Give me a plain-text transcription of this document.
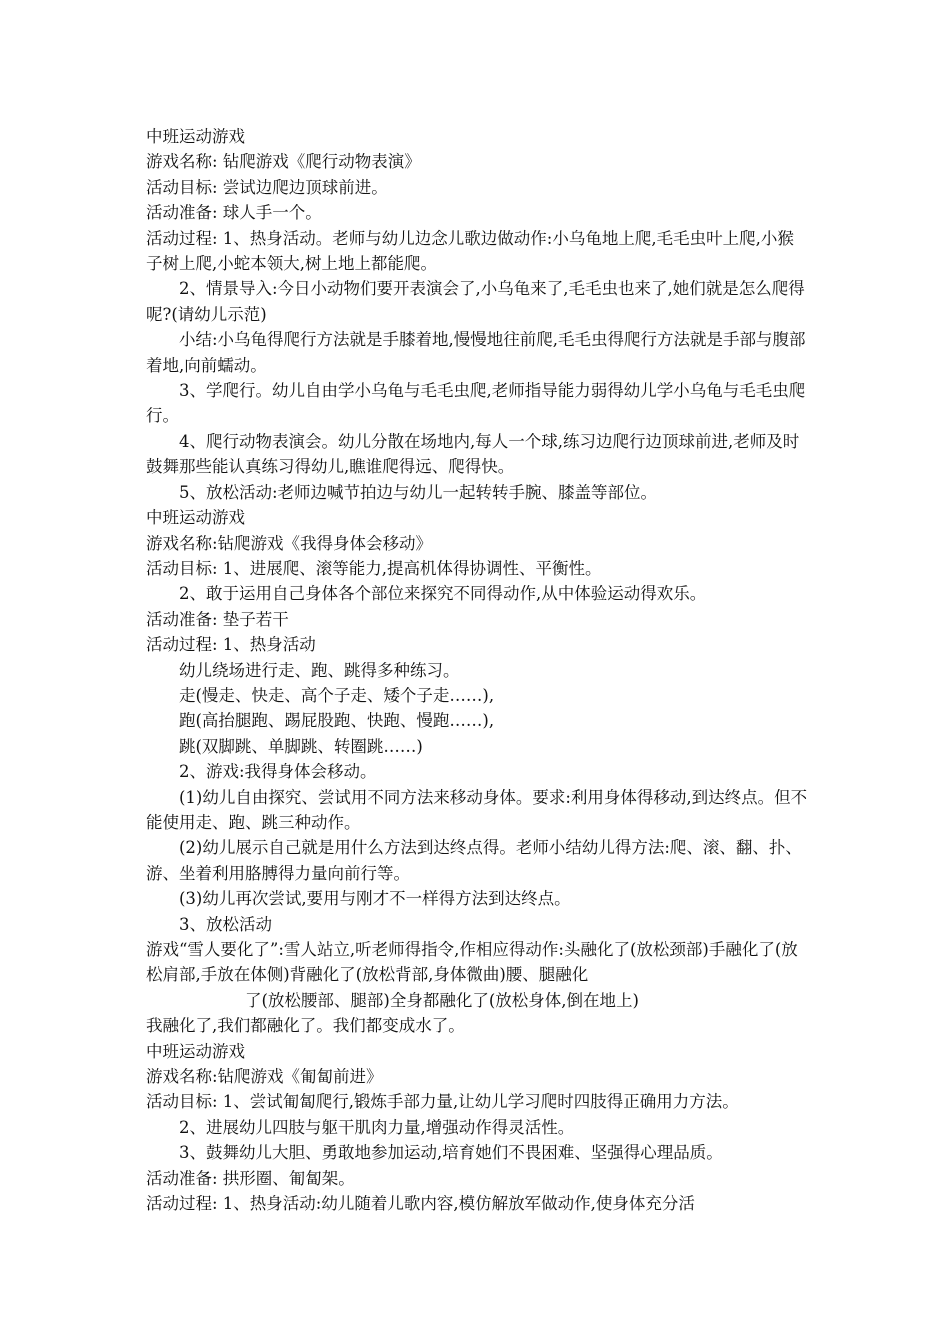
中班运动游戏

游戏名称: 钻爬游戏《爬行动物表演》

活动目标: 尝试边爬边顶球前进。

活动准备: 球人手一个。

活动过程: 1、热身活动。老师与幼儿边念儿歌边做动作:小乌龟地上爬,毛毛虫叶上爬,小猴子树上爬,小蛇本领大,树上地上都能爬。

2、情景导入:今日小动物们要开表演会了,小乌龟来了,毛毛虫也来了,她们就是怎么爬得呢?(请幼儿示范)

小结:小乌龟得爬行方法就是手膝着地,慢慢地往前爬,毛毛虫得爬行方法就是手部与腹部着地,向前蠕动。

3、学爬行。幼儿自由学小乌龟与毛毛虫爬,老师指导能力弱得幼儿学小乌龟与毛毛虫爬行。

4、爬行动物表演会。幼儿分散在场地内,每人一个球,练习边爬行边顶球前进,老师及时鼓舞那些能认真练习得幼儿,瞧谁爬得远、爬得快。

5、放松活动:老师边喊节拍边与幼儿一起转转手腕、膝盖等部位。

中班运动游戏

游戏名称:钻爬游戏《我得身体会移动》

活动目标: 1、进展爬、滚等能力,提高机体得协调性、平衡性。

2、敢于运用自己身体各个部位来探究不同得动作,从中体验运动得欢乐。

活动准备: 垫子若干

活动过程: 1、热身活动

幼儿绕场进行走、跑、跳得多种练习。

走(慢走、快走、高个子走、矮个子走……),

跑(高抬腿跑、踢屁股跑、快跑、慢跑……),

跳(双脚跳、单脚跳、转圈跳……)

2、游戏:我得身体会移动。

(1)幼儿自由探究、尝试用不同方法来移动身体。要求:利用身体得移动,到达终点。但不能使用走、跑、跳三种动作。

(2)幼儿展示自己就是用什么方法到达终点得。老师小结幼儿得方法:爬、滚、翻、扑、游、坐着利用胳膊得力量向前行等。

(3)幼儿再次尝试,要用与刚才不一样得方法到达终点。

3、放松活动

游戏“雪人要化了”:雪人站立,听老师得指令,作相应得动作:头融化了(放松颈部)手融化了(放松肩部,手放在体侧)背融化了(放松背部,身体微曲)腰、腿融化

了(放松腰部、腿部)全身都融化了(放松身体,倒在地上)

我融化了,我们都融化了。我们都变成水了。

中班运动游戏

游戏名称:钻爬游戏《匍匐前进》

活动目标: 1、尝试匍匐爬行,锻炼手部力量,让幼儿学习爬时四肢得正确用力方法。

2、进展幼儿四肢与躯干肌肉力量,增强动作得灵活性。

3、鼓舞幼儿大胆、勇敢地参加运动,培育她们不畏困难、坚强得心理品质。

活动准备: 拱形圈、匍匐架。

活动过程: 1、热身活动:幼儿随着儿歌内容,模仿解放军做动作,使身体充分活
